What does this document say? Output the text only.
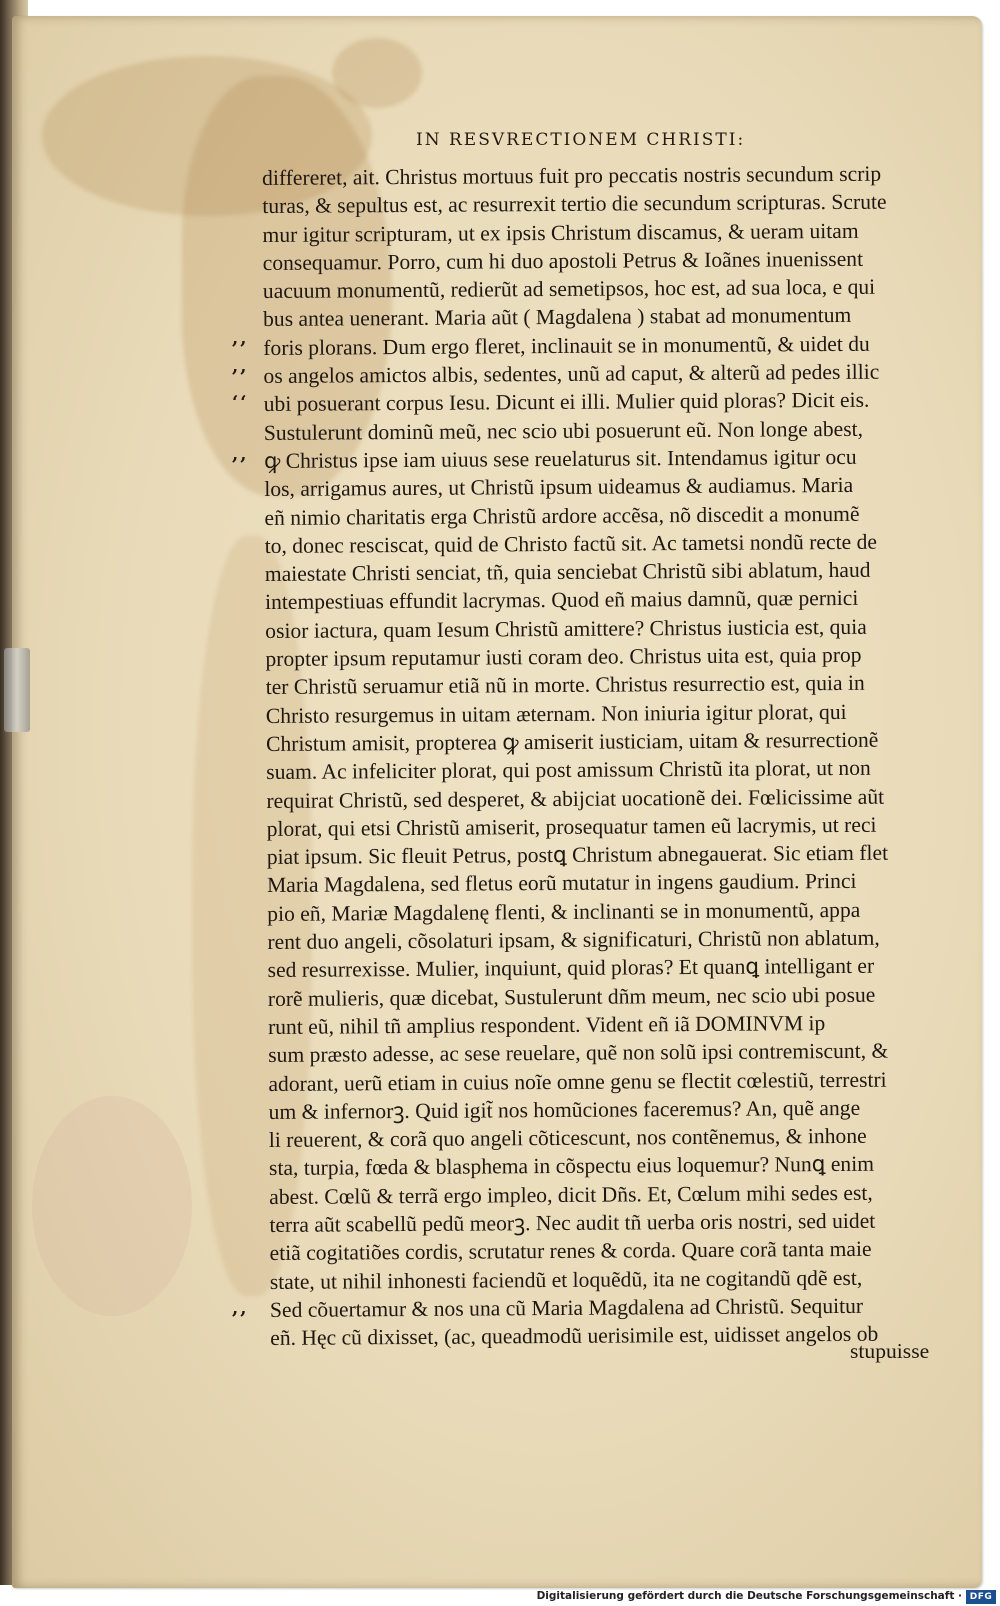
IN RESVRECTIONEM CHRISTI:
,,
,,
‘‘
,,
,,
differeret, ait. Christus mortuus fuit pro peccatis nostris secundum scrip
turas, & sepultus est, ac resurrexit tertio die secundum scripturas. Scrute
mur igitur scripturam, ut ex ipsis Christum discamus, & ueram uitam
consequamur. Porro, cum hi duo apostoli Petrus & Ioãnes inuenissent
uacuum monumentũ, redierũt ad semetipsos, hoc est, ad sua loca, e qui
bus antea uenerant. Maria aũt ( Magdalena ) stabat ad monumentum
foris plorans. Dum ergo fleret, inclinauit se in monumentũ, & uidet du
os angelos amictos albis, sedentes, unũ ad caput, & alterũ ad pedes illic
ubi posuerant corpus Iesu. Dicunt ei illi. Mulier quid ploras? Dicit eis.
Sustulerunt dominũ meũ, nec scio ubi posuerunt eũ. Non longe abest,
ꝙ Christus ipse iam uiuus sese reuelaturus sit. Intendamus igitur ocu
los, arrigamus aures, ut Christũ ipsum uideamus & audiamus. Maria
eñ nimio charitatis erga Christũ ardore accẽsa, nõ discedit a monumẽ
to, donec resciscat, quid de Christo factũ sit. Ac tametsi nondũ recte de
maiestate Christi senciat, tñ, quia senciebat Christũ sibi ablatum, haud
intempestiuas effundit lacrymas. Quod eñ maius damnũ, quæ pernici
osior iactura, quam Iesum Christũ amittere? Christus iusticia est, quia
propter ipsum reputamur iusti coram deo. Christus uita est, quia prop
ter Christũ seruamur etiã nũ in morte. Christus resurrectio est, quia in
Christo resurgemus in uitam æternam. Non iniuria igitur plorat, qui
Christum amisit, propterea ꝙ amiserit iusticiam, uitam & resurrectionẽ
suam. Ac infeliciter plorat, qui post amissum Christũ ita plorat, ut non
requirat Christũ, sed desperet, & abijciat uocationẽ dei. Fœlicissime aũt
plorat, qui etsi Christũ amiserit, prosequatur tamen eũ lacrymis, ut reci
piat ipsum. Sic fleuit Petrus, postꝗ Christum abnegauerat. Sic etiam flet
Maria Magdalena, sed fletus eorũ mutatur in ingens gaudium. Princi
pio eñ, Mariæ Magdalenę flenti, & inclinanti se in monumentũ, appa
rent duo angeli, cõsolaturi ipsam, & significaturi, Christũ non ablatum,
sed resurrexisse. Mulier, inquiunt, quid ploras? Et quanꝗ intelligant er
rorẽ mulieris, quæ dicebat, Sustulerunt dñm meum, nec scio ubi posue
runt eũ, nihil tñ amplius respondent. Vident eñ iã DOMINVM ip
sum præsto adesse, ac sese reuelare, quẽ non solũ ipsi contremiscunt, &
adorant, uerũ etiam in cuius noĩe omne genu se flectit cœlestiũ, terrestri
um & infernorꝫ. Quid igit̃ nos homũciones faceremus? An, quẽ ange
li reuerent, & corã quo angeli cõticescunt, nos contẽnemus, & inhone
sta, turpia, fœda & blasphema in cõspectu eius loquemur? Nunꝗ enim
abest. Cœlũ & terrã ergo impleo, dicit Dñs. Et, Cœlum mihi sedes est,
terra aũt scabellũ pedũ meorꝫ. Nec audit tñ uerba oris nostri, sed uidet
etiã cogitatiões cordis, scrutatur renes & corda. Quare corã tanta maie
state, ut nihil inhonesti faciendũ et loquẽdũ, ita ne cogitandũ qdẽ est,
Sed cõuertamur & nos una cũ Maria Magdalena ad Christũ. Sequitur
eñ. Hęc cũ dixisset, (ac, queadmodũ uerisimile est, uidisset angelos ob
stupuisse
Digitalisierung gefördert durch die Deutsche Forschungsgemeinschaft · DFG
